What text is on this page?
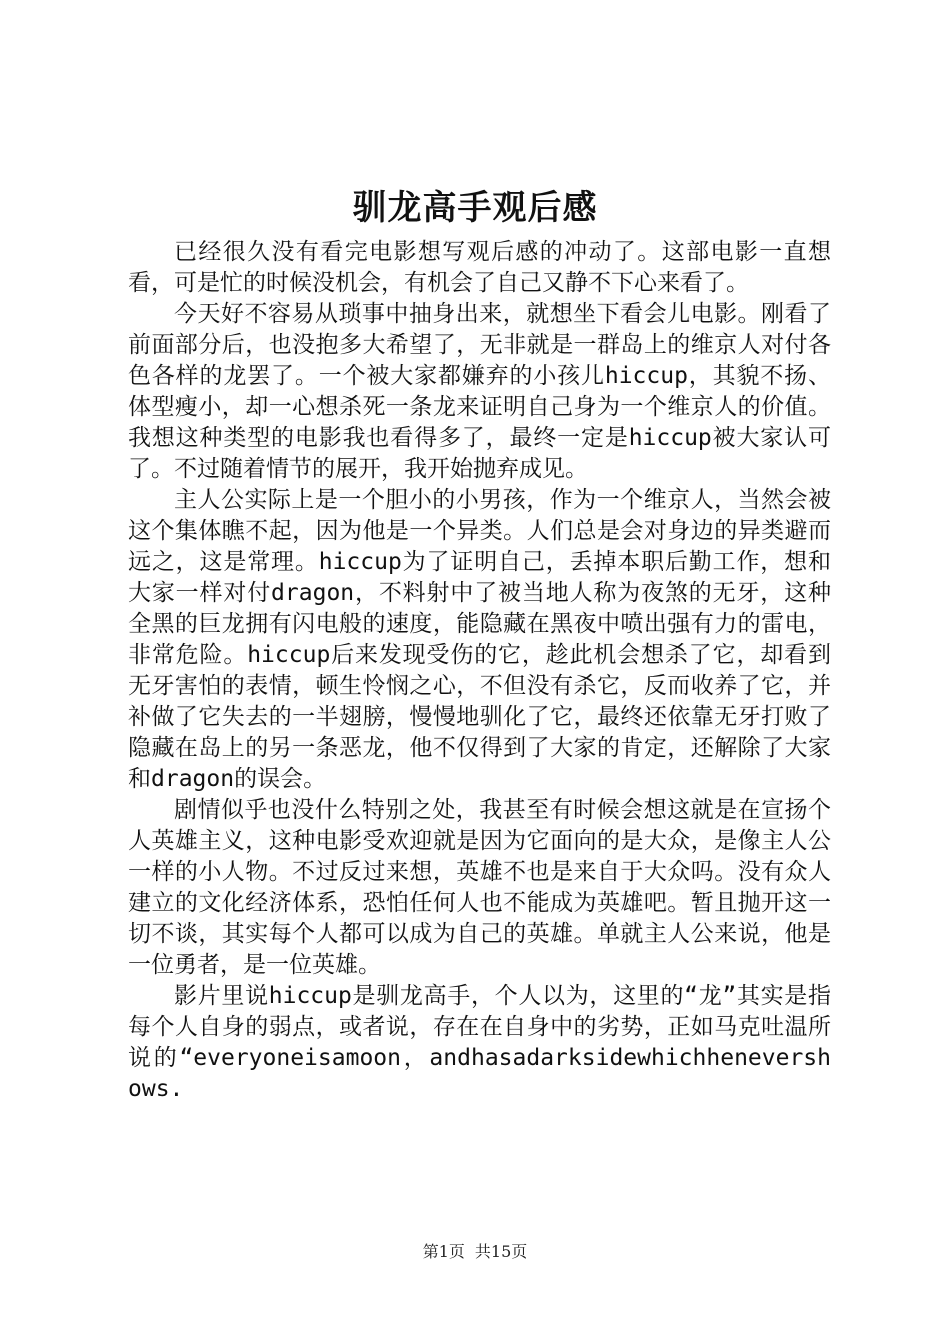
驯龙高手观后感

已经很久没有看完电影想写观后感的冲动了。这部电影一直想看，可是忙的时候没机会，有机会了自己又静不下心来看了。

今天好不容易从琐事中抽身出来，就想坐下看会儿电影。刚看了前面部分后，也没抱多大希望了，无非就是一群岛上的维京人对付各色各样的龙罢了。一个被大家都嫌弃的小孩儿hiccup，其貌不扬、体型瘦小，却一心想杀死一条龙来证明自己身为一个维京人的价值。我想这种类型的电影我也看得多了，最终一定是hiccup被大家认可了。不过随着情节的展开，我开始抛弃成见。

主人公实际上是一个胆小的小男孩，作为一个维京人，当然会被这个集体瞧不起，因为他是一个异类。人们总是会对身边的异类避而远之，这是常理。hiccup为了证明自己，丢掉本职后勤工作，想和大家一样对付dragon，不料射中了被当地人称为夜煞的无牙，这种全黑的巨龙拥有闪电般的速度，能隐藏在黑夜中喷出强有力的雷电，非常危险。hiccup后来发现受伤的它，趁此机会想杀了它，却看到无牙害怕的表情，顿生怜悯之心，不但没有杀它，反而收养了它，并补做了它失去的一半翅膀，慢慢地驯化了它，最终还依靠无牙打败了隐藏在岛上的另一条恶龙，他不仅得到了大家的肯定，还解除了大家和dragon的误会。

剧情似乎也没什么特别之处，我甚至有时候会想这就是在宣扬个人英雄主义，这种电影受欢迎就是因为它面向的是大众，是像主人公一样的小人物。不过反过来想，英雄不也是来自于大众吗。没有众人建立的文化经济体系，恐怕任何人也不能成为英雄吧。暂且抛开这一切不谈，其实每个人都可以成为自己的英雄。单就主人公来说，他是一位勇者，是一位英雄。

影片里说hiccup是驯龙高手，个人以为，这里的“龙”其实是指每个人自身的弱点，或者说，存在在自身中的劣势，正如马克吐温所说的“everyoneisamoon，andhasadarksidewhichhenevershows.

第1页 共15页
